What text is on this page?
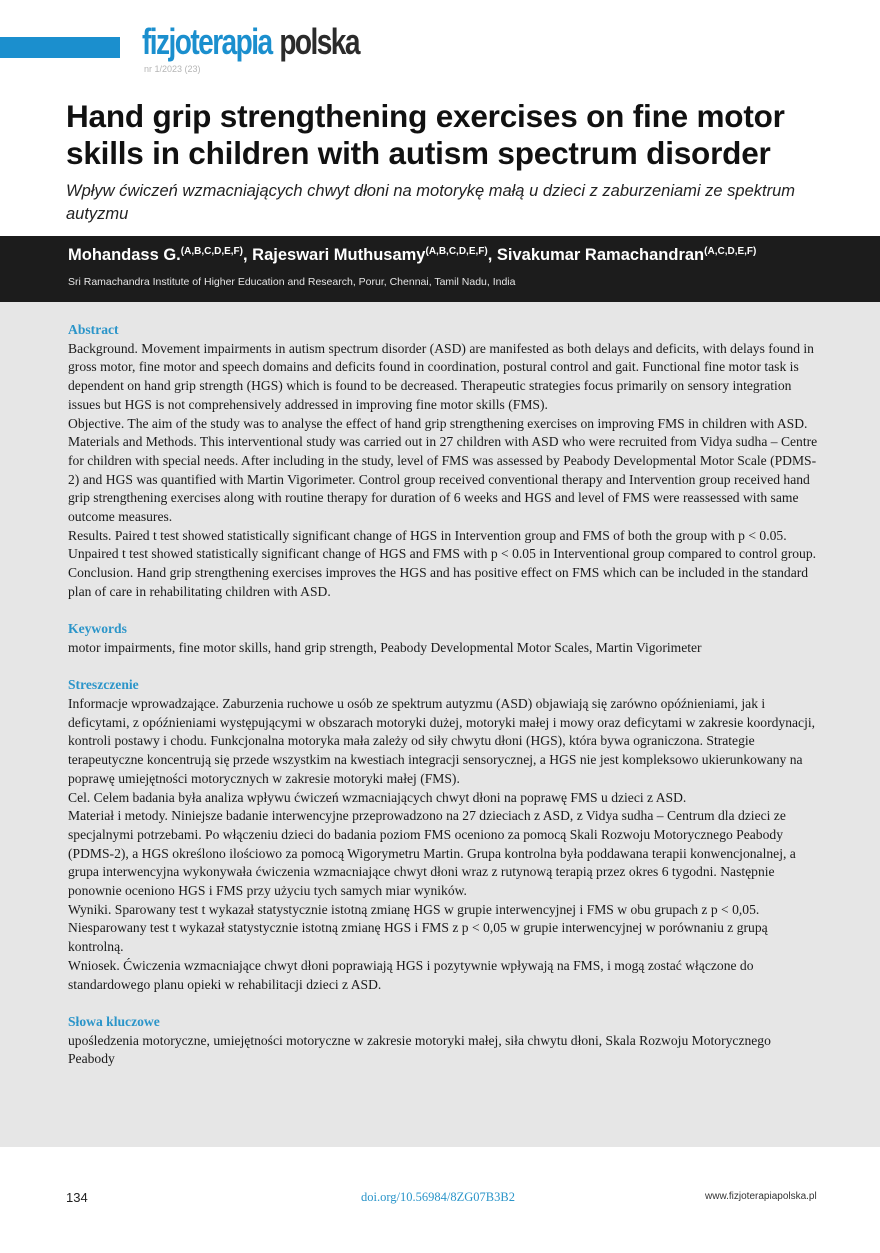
fizjoterapia polska
nr 1/2023 (23)
Hand grip strengthening exercises on fine motor skills in children with autism spectrum disorder

Wpływ ćwiczeń wzmacniających chwyt dłoni na motorykę małą u dzieci z zaburzeniami ze spektrum autyzmu

Mohandass G.$^{(A,B,C,D,E,F)}$, Rajeswari Muthusamy$^{(A,B,C,D,E,F)}$, Sivakumar Ramachandran$^{(A,C,D,E,F)}$
Sri Ramachandra Institute of Higher Education and Research, Porur, Chennai, Tamil Nadu, India

Abstract

Background. Movement impairments in autism spectrum disorder (ASD) are manifested as both delays and deficits, with delays found in gross motor, fine motor and speech domains and deficits found in coordination, postural control and gait. Functional fine motor task is dependent on hand grip strength (HGS) which is found to be decreased. Therapeutic strategies focus primarily on sensory integration issues but HGS is not comprehensively addressed in improving fine motor skills (FMS).

Objective. The aim of the study was to analyse the effect of hand grip strengthening exercises on improving FMS in children with ASD.

Materials and Methods. This interventional study was carried out in 27 children with ASD who were recruited from Vidya sudha – Centre for children with special needs. After including in the study, level of FMS was assessed by Peabody Developmental Motor Scale (PDMS-2) and HGS was quantified with Martin Vigorimeter. Control group received conventional therapy and Intervention group received hand grip strengthening exercises along with routine therapy for duration of 6 weeks and HGS and level of FMS were reassessed with same outcome measures.

Results. Paired t test showed statistically significant change of HGS in Intervention group and FMS of both the group with p < 0.05. Unpaired t test showed statistically significant change of HGS and FMS with p < 0.05 in Interventional group compared to control group.

Conclusion. Hand grip strengthening exercises improves the HGS and has positive effect on FMS which can be included in the standard plan of care in rehabilitating children with ASD.

Keywords

motor impairments, fine motor skills, hand grip strength, Peabody Developmental Motor Scales, Martin Vigorimeter

Streszczenie

Informacje wprowadzające. Zaburzenia ruchowe u osób ze spektrum autyzmu (ASD) objawiają się zarówno opóźnieniami, jak i deficytami, z opóźnieniami występującymi w obszarach motoryki dużej, motoryki małej i mowy oraz deficytami w zakresie koordynacji, kontroli postawy i chodu. Funkcjonalna motoryka mała zależy od siły chwytu dłoni (HGS), która bywa ograniczona. Strategie terapeutyczne koncentrują się przede wszystkim na kwestiach integracji sensorycznej, a HGS nie jest kompleksowo ukierunkowany na poprawę umiejętności motorycznych w zakresie motoryki małej (FMS).

Cel. Celem badania była analiza wpływu ćwiczeń wzmacniających chwyt dłoni na poprawę FMS u dzieci z ASD.

Materiał i metody. Niniejsze badanie interwencyjne przeprowadzono na 27 dzieciach z ASD, z Vidya sudha – Centrum dla dzieci ze specjalnymi potrzebami. Po włączeniu dzieci do badania poziom FMS oceniono za pomocą Skali Rozwoju Motorycznego Peabody (PDMS-2), a HGS określono ilościowo za pomocą Wigorymetru Martin. Grupa kontrolna była poddawana terapii konwencjonalnej, a grupa interwencyjna wykonywała ćwiczenia wzmacniające chwyt dłoni wraz z rutynową terapią przez okres 6 tygodni. Następnie ponownie oceniono HGS i FMS przy użyciu tych samych miar wyników.

Wyniki. Sparowany test t wykazał statystycznie istotną zmianę HGS w grupie interwencyjnej i FMS w obu grupach z p < 0,05. Niesparowany test t wykazał statystycznie istotną zmianę HGS i FMS z p < 0,05 w grupie interwencyjnej w porównaniu z grupą kontrolną.

Wniosek. Ćwiczenia wzmacniające chwyt dłoni poprawiają HGS i pozytywnie wpływają na FMS, i mogą zostać włączone do standardowego planu opieki w rehabilitacji dzieci z ASD.

Słowa kluczowe

upośledzenia motoryczne, umiejętności motoryczne w zakresie motoryki małej, siła chwytu dłoni, Skala Rozwoju Motorycznego Peabody

134	doi.org/10.56984/8ZG07B3B2	www.fizjoterapiapolska.pl
